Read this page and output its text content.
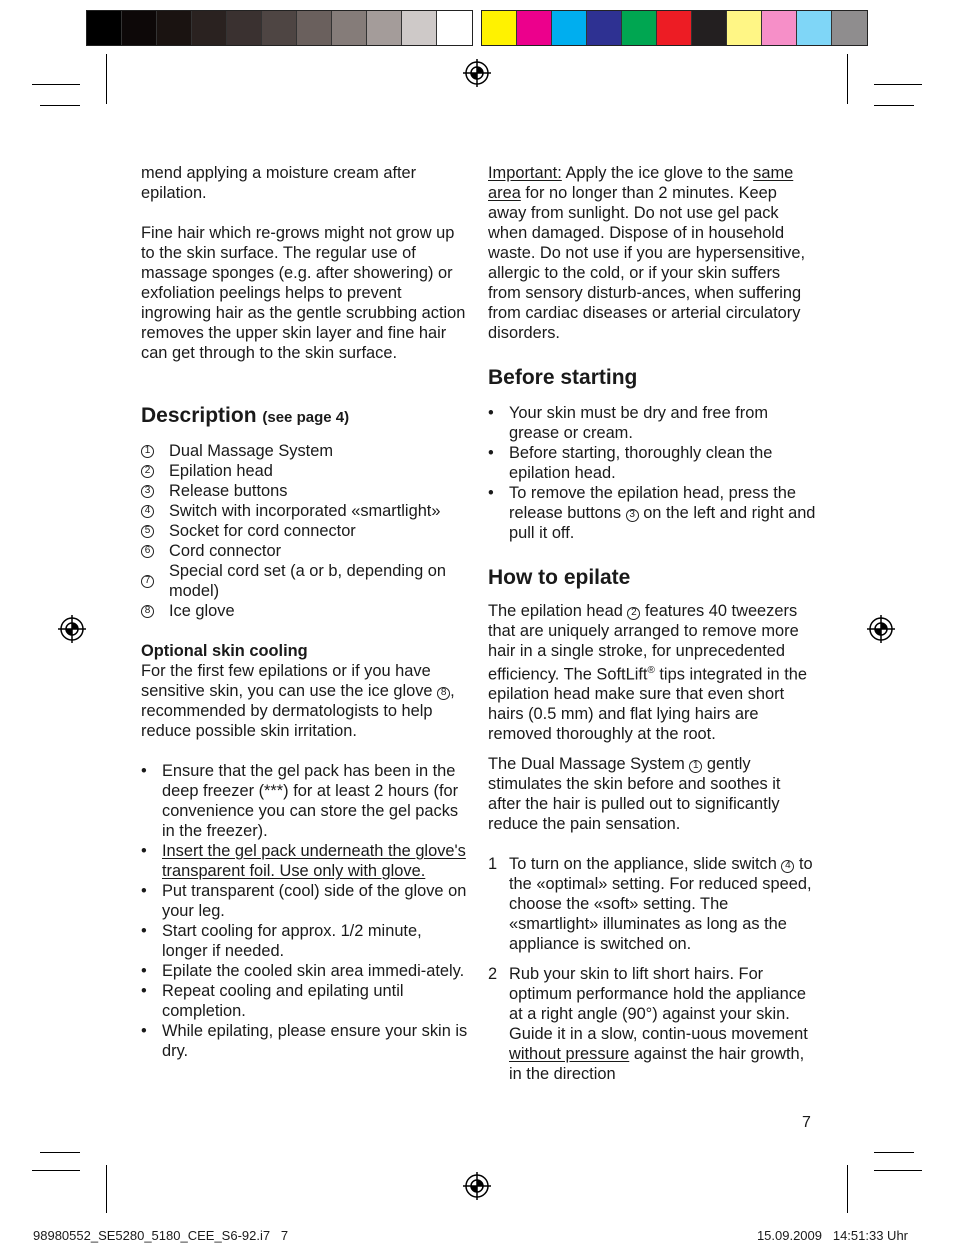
mend applying a moisture cream after epilation.

Fine hair which re-grows might not grow up to the skin surface. The regular use of massage sponges (e.g. after showering) or exfoliation peelings helps to prevent ingrowing hair as the gentle scrubbing action removes the upper skin layer and fine hair can get through to the skin surface.

Description (see page 4)
1 Dual Massage System
2 Epilation head
3 Release buttons
4 Switch with incorporated «smartlight»
5 Socket for cord connector
6 Cord connector
7
Special cord set (a or b, depending on model)
8 Ice glove

Optional skin cooling

For the first few epilations or if you have sensitive skin, you can use the ice glove 8 , recommended by dermatologists to help reduce possible skin irritation.

• Ensure that the gel pack has been in the deep freezer (***) for at least 2 hours (for convenience you can store the gel packs in the freezer).
• Insert the gel pack underneath the glove's transparent foil. Use only with glove.
• Put transparent (cool) side of the glove on your leg.
• Start cooling for approx. 1/2 minute, longer if needed.
• Epilate the cooled skin area immedi-ately.
• Repeat cooling and epilating until completion.
• While epilating, please ensure your skin is dry.

Important: Apply the ice glove to the same area for no longer than 2 minutes. Keep away from sunlight. Do not use gel pack when damaged. Dispose of in household waste. Do not use if you are hypersensitive, allergic to the cold, or if your skin suffers from sensory disturb-ances, when suffering from cardiac diseases or arterial circulatory disorders.

Before starting
• Your skin must be dry and free from grease or cream.
• Before starting, thoroughly clean the epilation head.
• To remove the epilation head, press the release buttons 3 on the left and right and pull it off.
How to epilate

The epilation head 2 features 40 tweezers that are uniquely arranged to remove more hair in a single stroke, for unprecedented efficiency. The SoftLift® tips integrated in the epilation head make sure that even short hairs (0.5 mm) and flat lying hairs are removed thoroughly at the root.

The Dual Massage System 1 gently stimulates the skin before and soothes it after the hair is pulled out to significantly reduce the pain sensation.

1 To turn on the appliance, slide switch 4 to the «optimal» setting. For reduced speed, choose the «soft» setting. The «smartlight» illuminates as long as the appliance is switched on.
2 Rub your skin to lift short hairs. For optimum performance hold the appliance at a right angle (90°) against your skin. Guide it in a slow, contin-uous movement without pressure against the hair growth, in the direction
7
98980552_SE5280_5180_CEE_S6-92.i7   7	15.09.2009   14:51:33 Uhr
